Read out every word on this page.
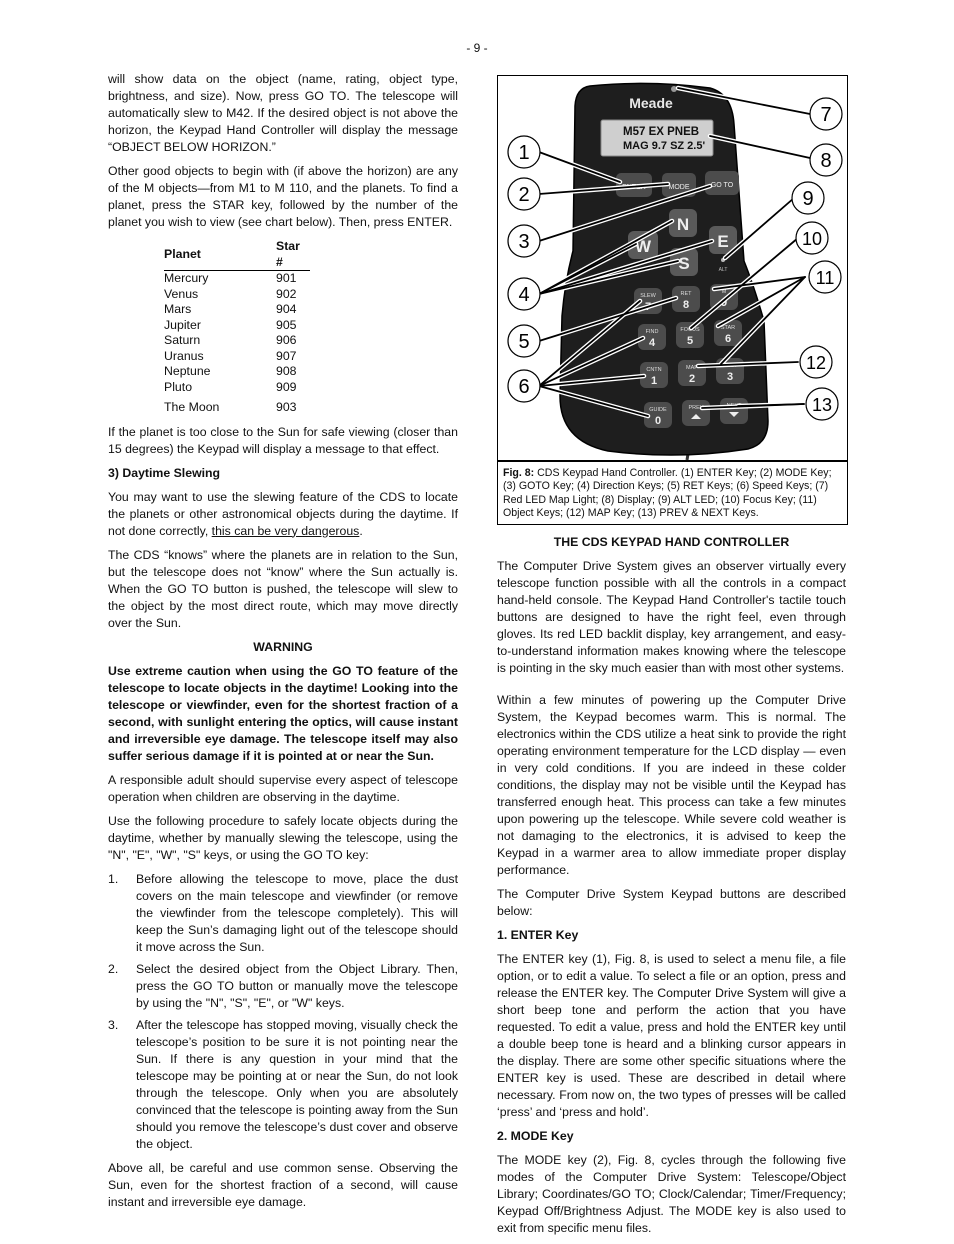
- 9 -

will show data on the object (name, rating, object type, brightness, and size). Now, press GO TO. The telescope will automatically slew to M42. If the desired object is not above the horizon, the Keypad Hand Controller will display the message “OBJECT BELOW HORIZON.”

Other good objects to begin with (if above the horizon) are any of the M objects—from M1 to M 110, and the planets. To find a planet, press the STAR key, followed by the number of the planet you wish to view (see chart below). Then, press ENTER.

Planet	Star #
Mercury	901
Venus	902
Mars	904
Jupiter	905
Saturn	906
Uranus	907
Neptune	908
Pluto	909
The Moon	903

If the planet is too close to the Sun for safe viewing (closer than 15 degrees) the Keypad will display a message to that effect.

3) Daytime Slewing

You may want to use the slewing feature of the CDS to locate the planets or other astronomical objects during the daytime. If not done correctly, this can be very dangerous.

The CDS “knows” where the planets are in relation to the Sun, but the telescope does not “know” where the Sun actually is. When the GO TO button is pushed, the telescope will slew to the object by the most direct route, which may move directly over the Sun.

WARNING

Use extreme caution when using the GO TO feature of the telescope to locate objects in the daytime! Looking into the telescope or viewfinder, even for the shortest fraction of a second, with sunlight entering the optics, will cause instant and irreversible eye damage. The telescope itself may also suffer serious damage if it is pointed at or near the Sun.

A responsible adult should supervise every aspect of telescope operation when children are observing in the daytime.

Use the following procedure to safely locate objects during the daytime, whether by manually slewing the telescope, using the "N", "E", "W", "S" keys, or using the GO TO key:

1. Before allowing the telescope to move, place the dust covers on the main telescope and viewfinder (or remove the viewfinder from the telescope completely). This will keep the Sun’s damaging light out of the telescope should it move across the Sun.
2. Select the desired object from the Object Library. Then, press the GO TO button or manually move the telescope by using the "N", "S", "E", or "W" keys.
3. After the telescope has stopped moving, visually check the telescope’s position to be sure it is not pointing near the Sun. If there is any question in your mind that the telescope may be pointing at or near the Sun, do not look through the telescope. Only when you are absolutely convinced that the telescope is pointing away from the Sun should you remove the telescope’s dust cover and observe the object.

Above all, be careful and use common sense. Observing the Sun, even for the shortest fraction of a second, will cause instant and irreversible eye damage.

Meade
M57 EX PNEB
MAG 9.7 SZ 2.5'
ENTER	MODE	GO TO
N
W	E
S	ALT
SLEW
7
RET
8
M
9
FIND
4
FOCUS
5
STAR
6
CNTN
1
MAP
2
CNST
3
GUIDE
0
PREV	NEXT
1
2
3
4
5
6
7
8
9
10
11
12
13
Fig. 8: CDS Keypad Hand Controller. (1) ENTER Key; (2) MODE Key; (3) GOTO Key; (4) Direction Keys; (5) RET Keys; (6) Speed Keys; (7) Red LED Map Light; (8) Display; (9) ALT LED; (10) Focus Key; (11) Object Keys; (12) MAP Key; (13) PREV & NEXT Keys.
THE CDS KEYPAD HAND CONTROLLER

The Computer Drive System gives an observer virtually every telescope function possible with all the controls in a compact hand-held console. The Keypad Hand Controller's tactile touch buttons are designed to have the right feel, even through gloves. Its red LED backlit display, key arrangement, and easy-to-understand information makes knowing where the telescope is pointing in the sky much easier than with most other systems.

Within a few minutes of powering up the Computer Drive System, the Keypad becomes warm. This is normal. The electronics within the CDS utilize a heat sink to provide the right operating environment temperature for the LCD display — even in very cold conditions. If you are indeed in these colder conditions, the display may not be visible until the Keypad has transferred enough heat. This process can take a few minutes upon powering up the telescope. While severe cold weather is not damaging to the electronics, it is advised to keep the Keypad in a warmer area to allow immediate proper display performance.

The Computer Drive System Keypad buttons are described below:

1. ENTER Key

The ENTER key (1), Fig. 8, is used to select a menu file, a file option, or to edit a value. To select a file or an option, press and release the ENTER key. The Computer Drive System will give a short beep tone and perform the action that you have requested. To edit a value, press and hold the ENTER key until a double beep tone is heard and a blinking cursor appears in the display. There are some other specific situations where the ENTER key is used. These are described in detail where necessary. From now on, the two types of presses will be called ‘press’ and ‘press and hold’.

2. MODE Key

The MODE key (2), Fig. 8, cycles through the following five modes of the Computer Drive System: Telescope/Object Library; Coordinates/GO TO; Clock/Calendar; Timer/Frequency; Keypad Off/Brightness Adjust. The MODE key is also used to exit from specific menu files.
